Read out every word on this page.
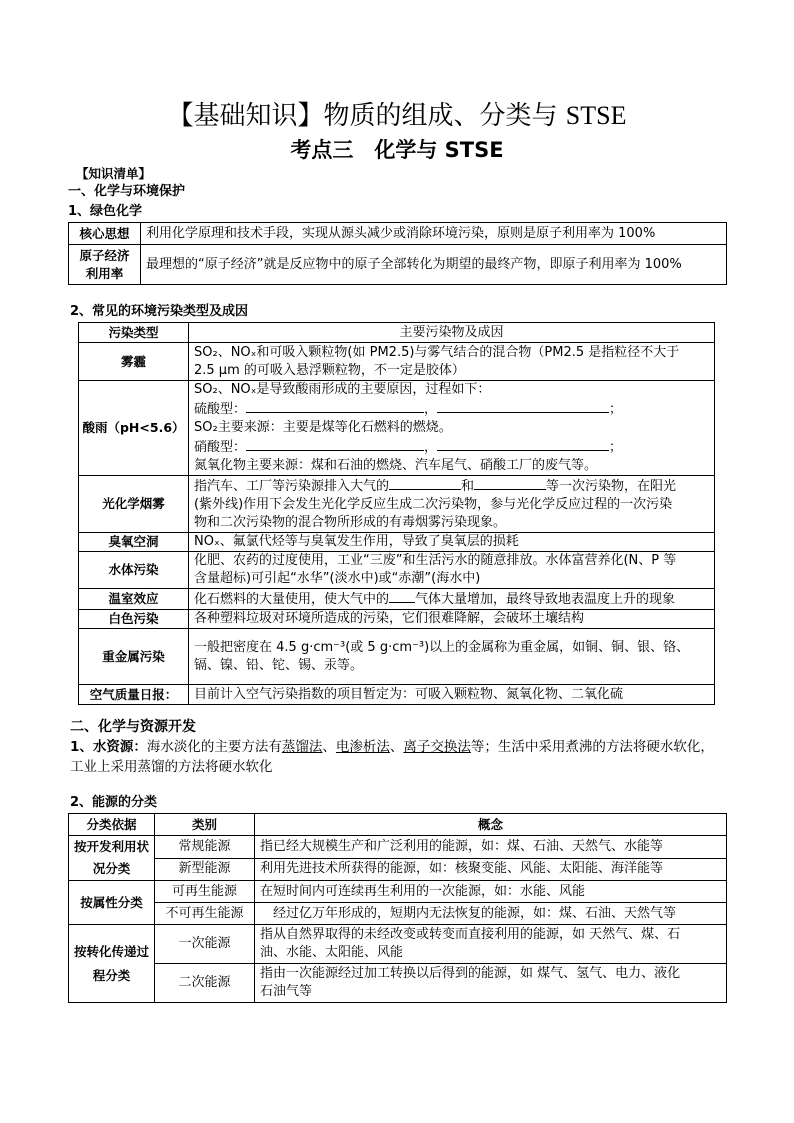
【基础知识】物质的组成、分类与 STSE
考点三　化学与 STSE
【知识清单】
一、化学与环境保护
1、绿色化学
核心思想	利用化学原理和技术手段，实现从源头减少或消除环境污染，原则是原子利用率为 100%
原子经济
利用率	最理想的“原子经济”就是反应物中的原子全部转化为期望的最终产物，即原子利用率为 100%
2、常见的环境污染类型及成因
污染类型	主要污染物及成因
雾霾	SO₂、NOₓ和可吸入颗粒物(如 PM2.5)与雾气结合的混合物（PM2.5 是指粒径不大于
2.5 μm 的可吸入悬浮颗粒物，不一定是胶体）
酸雨（pH<5.6）	SO₂、NOₓ是导致酸雨形成的主要原因，过程如下：
硫酸型： ， ；
SO₂主要来源：主要是煤等化石燃料的燃烧。
硝酸型： ， ；
氮氧化物主要来源：煤和石油的燃烧、汽车尾气、硝酸工厂的废气等。
光化学烟雾	指汽车、工厂等污染源排入大气的 和 等一次污染物，在阳光
(紫外线)作用下会发生光化学反应生成二次污染物，参与光化学反应过程的一次污染
物和二次污染物的混合物所形成的有毒烟雾污染现象。
臭氧空洞	NOₓ、氟氯代烃等与臭氧发生作用，导致了臭氧层的损耗
水体污染	化肥、农药的过度使用，工业“三废”和生活污水的随意排放。水体富营养化(N、P 等
含量超标)可引起“水华”(淡水中)或“赤潮”(海水中)
温室效应	化石燃料的大量使用，使大气中的 气体大量增加，最终导致地表温度上升的现象
白色污染	各种塑料垃圾对环境所造成的污染，它们很难降解，会破坏土壤结构
重金属污染	一般把密度在 4.5 g·cm⁻³(或 5 g·cm⁻³)以上的金属称为重金属，如铜、铜、银、铬、
镉、镍、铅、铊、锡、汞等。
空气质量日报：	目前计入空气污染指数的项目暂定为：可吸入颗粒物、氮氧化物、二氧化硫
二、化学与资源开发
1、水资源：海水淡化的主要方法有蒸馏法、电渗析法、离子交换法等；生活中采用煮沸的方法将硬水软化，
工业上采用蒸馏的方法将硬水软化
2、能源的分类
分类依据	类别	概念
按开发利用状况分类	常规能源	指已经大规模生产和广泛利用的能源，如：煤、石油、天然气、水能等
	新型能源	利用先进技术所获得的能源，如：核聚变能、风能、太阳能、海洋能等
按属性分类	可再生能源	在短时间内可连续再生利用的一次能源，如：水能、风能
	不可再生能源	经过亿万年形成的，短期内无法恢复的能源，如：煤、石油、天然气等
按转化传递过程分类	一次能源	指从自然界取得的未经改变或转变而直接利用的能源，如 天然气、煤、石
油、水能、太阳能、风能
	二次能源	指由一次能源经过加工转换以后得到的能源，如 煤气、氢气、电力、液化
石油气等
